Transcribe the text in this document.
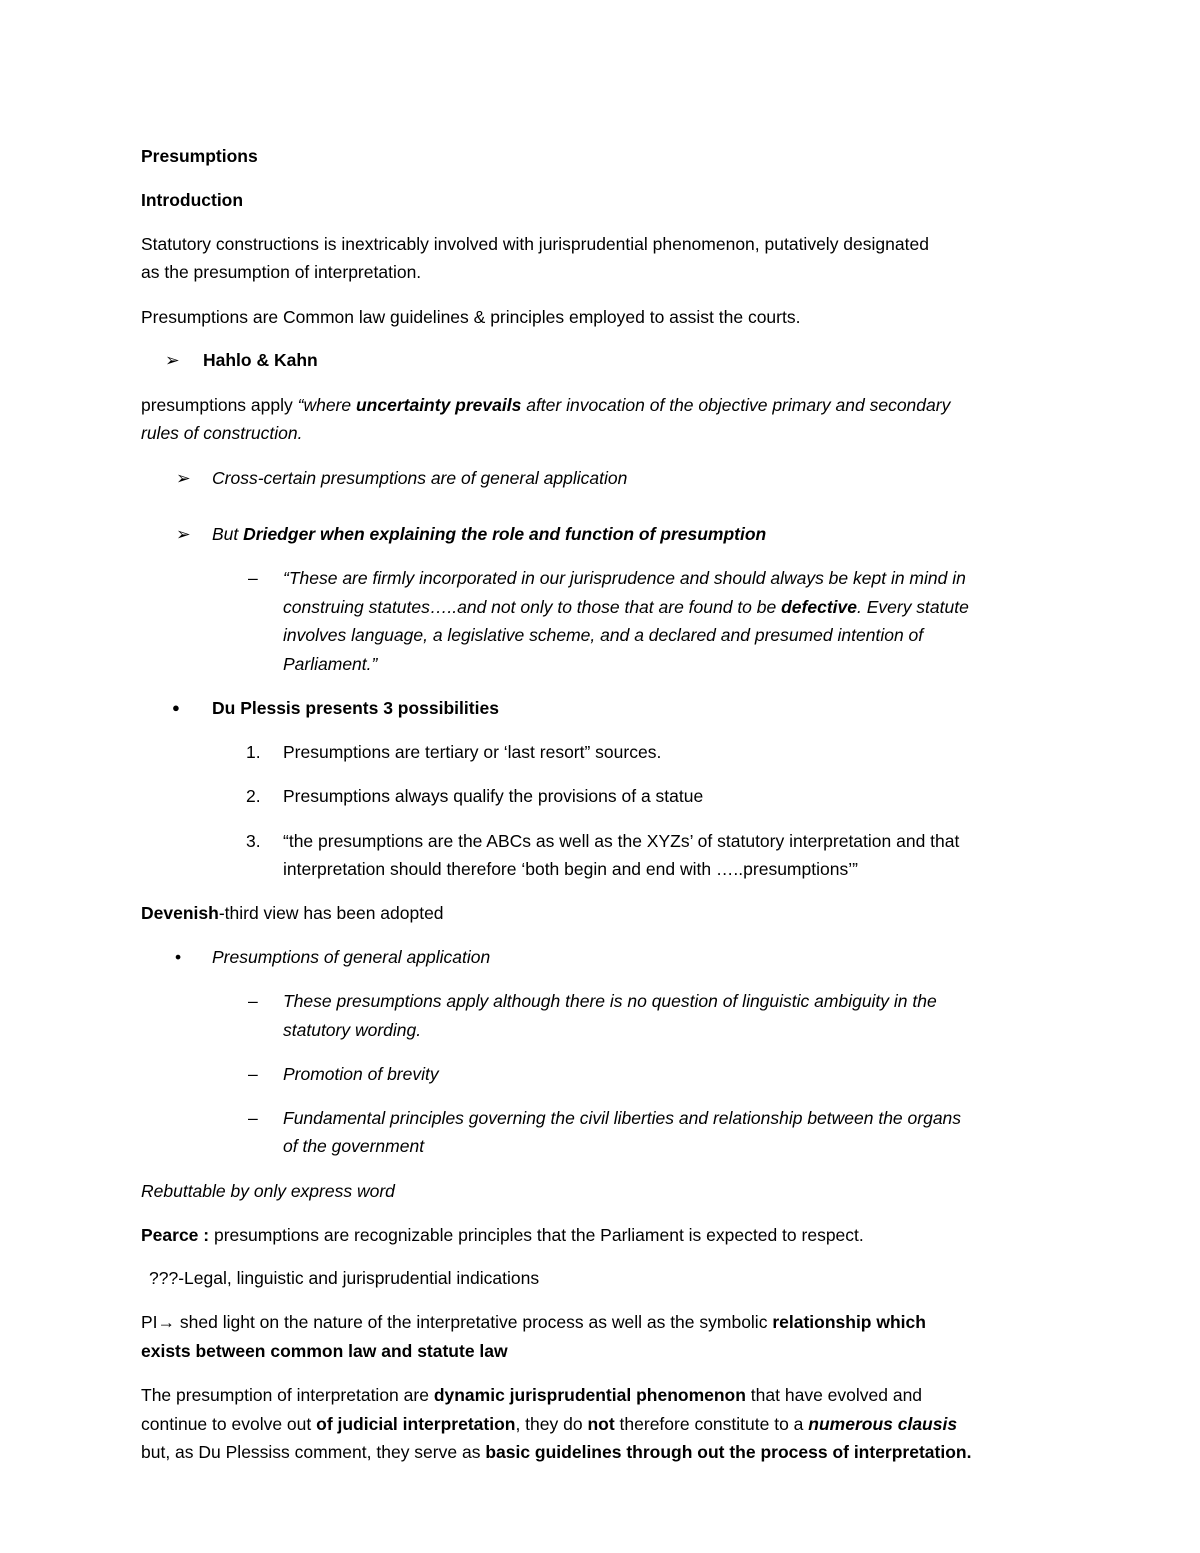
Presumptions
Introduction
Statutory constructions is inextricably involved with jurisprudential phenomenon, putatively designated
as the presumption of interpretation.
Presumptions are Common law guidelines & principles employed to assist the courts.
➢ Hahlo & Kahn
presumptions apply “where uncertainty prevails after invocation of the objective primary and secondary
rules of construction.
➢ Cross-certain presumptions are of general application
➢ But Driedger when explaining the role and function of presumption
– “These are firmly incorporated in our jurisprudence and should always be kept in mind in
construing statutes…..and not only to those that are found to be defective. Every statute
involves language, a legislative scheme, and a declared and presumed intention of
Parliament.”
● Du Plessis presents 3 possibilities
1. Presumptions are tertiary or ‘last resort” sources.
2. Presumptions always qualify the provisions of a statue
3. “the presumptions are the ABCs as well as the XYZs’ of statutory interpretation and that
interpretation should therefore ‘both begin and end with …..presumptions’”
Devenish-third view has been adopted
• Presumptions of general application
– These presumptions apply although there is no question of linguistic ambiguity in the
statutory wording.
– Promotion of brevity
– Fundamental principles governing the civil liberties and relationship between the organs
of the government
Rebuttable by only express word
Pearce : presumptions are recognizable principles that the Parliament is expected to respect.
???-Legal, linguistic and jurisprudential indications
PI→ shed light on the nature of the interpretative process as well as the symbolic relationship which
exists between common law and statute law
The presumption of interpretation are dynamic jurisprudential phenomenon that have evolved and
continue to evolve out of judicial interpretation, they do not therefore constitute to a numerous clausis
but, as Du Plessiss comment, they serve as basic guidelines through out the process of interpretation.
